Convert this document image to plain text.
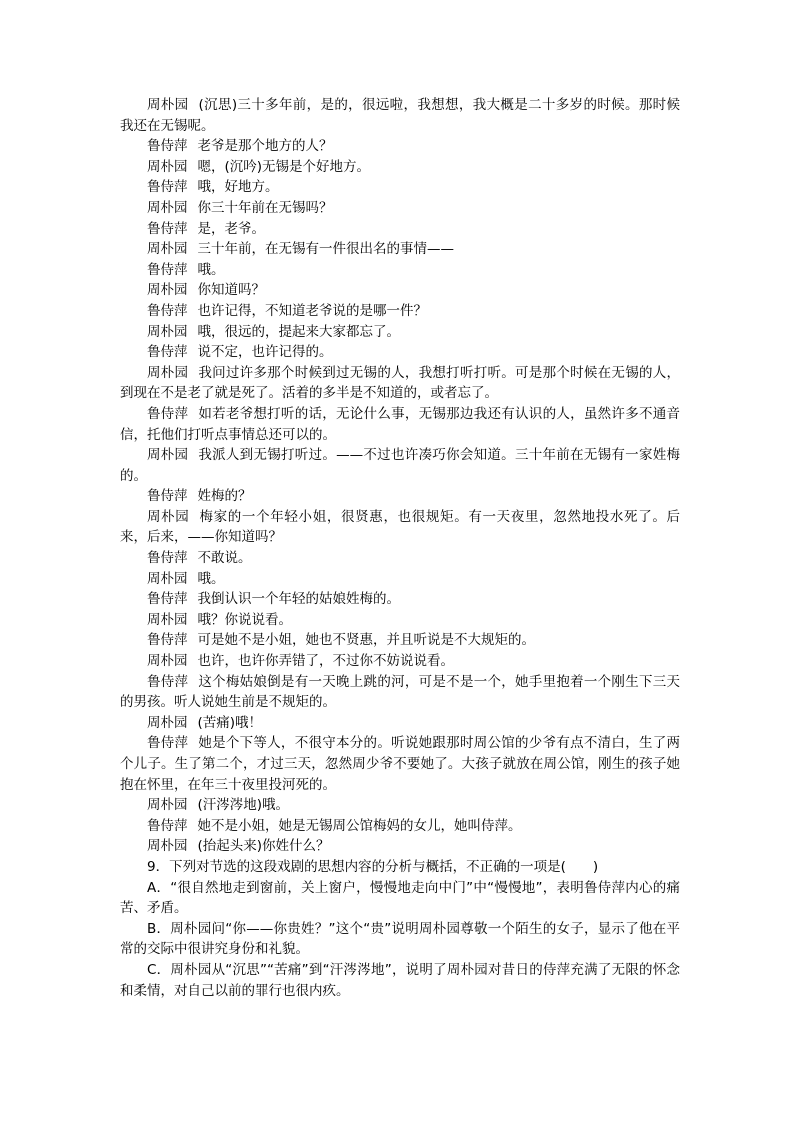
周朴园 (沉思)三十多年前，是的，很远啦，我想想，我大概是二十多岁的时候。那时候我还在无锡呢。

鲁侍萍 老爷是那个地方的人？

周朴园 嗯，(沉吟)无锡是个好地方。

鲁侍萍 哦，好地方。

周朴园 你三十年前在无锡吗？

鲁侍萍 是，老爷。

周朴园 三十年前，在无锡有一件很出名的事情——

鲁侍萍 哦。

周朴园 你知道吗？

鲁侍萍 也许记得，不知道老爷说的是哪一件？

周朴园 哦，很远的，提起来大家都忘了。

鲁侍萍 说不定，也许记得的。

周朴园 我问过许多那个时候到过无锡的人，我想打听打听。可是那个时候在无锡的人，到现在不是老了就是死了。活着的多半是不知道的，或者忘了。

鲁侍萍 如若老爷想打听的话，无论什么事，无锡那边我还有认识的人，虽然许多不通音信，托他们打听点事情总还可以的。

周朴园 我派人到无锡打听过。——不过也许凑巧你会知道。三十年前在无锡有一家姓梅的。

鲁侍萍 姓梅的？

周朴园 梅家的一个年轻小姐，很贤惠，也很规矩。有一天夜里，忽然地投水死了。后来，后来，——你知道吗？

鲁侍萍 不敢说。

周朴园 哦。

鲁侍萍 我倒认识一个年轻的姑娘姓梅的。

周朴园 哦？你说说看。

鲁侍萍 可是她不是小姐，她也不贤惠，并且听说是不大规矩的。

周朴园 也许，也许你弄错了，不过你不妨说说看。

鲁侍萍 这个梅姑娘倒是有一天晚上跳的河，可是不是一个，她手里抱着一个刚生下三天的男孩。听人说她生前是不规矩的。

周朴园 (苦痛)哦！

鲁侍萍 她是个下等人，不很守本分的。听说她跟那时周公馆的少爷有点不清白，生了两个儿子。生了第二个，才过三天，忽然周少爷不要她了。大孩子就放在周公馆，刚生的孩子她抱在怀里，在年三十夜里投河死的。

周朴园 (汗涔涔地)哦。

鲁侍萍 她不是小姐，她是无锡周公馆梅妈的女儿，她叫侍萍。

周朴园 (抬起头来)你姓什么？

9．下列对节选的这段戏剧的思想内容的分析与概括，不正确的一项是(　　)

A．“很自然地走到窗前，关上窗户，慢慢地走向中门”中“慢慢地”，表明鲁侍萍内心的痛苦、矛盾。

B．周朴园问“你——你贵姓？”这个“贵”说明周朴园尊敬一个陌生的女子，显示了他在平常的交际中很讲究身份和礼貌。

C．周朴园从“沉思”“苦痛”到“汗涔涔地”，说明了周朴园对昔日的侍萍充满了无限的怀念和柔情，对自己以前的罪行也很内疚。
